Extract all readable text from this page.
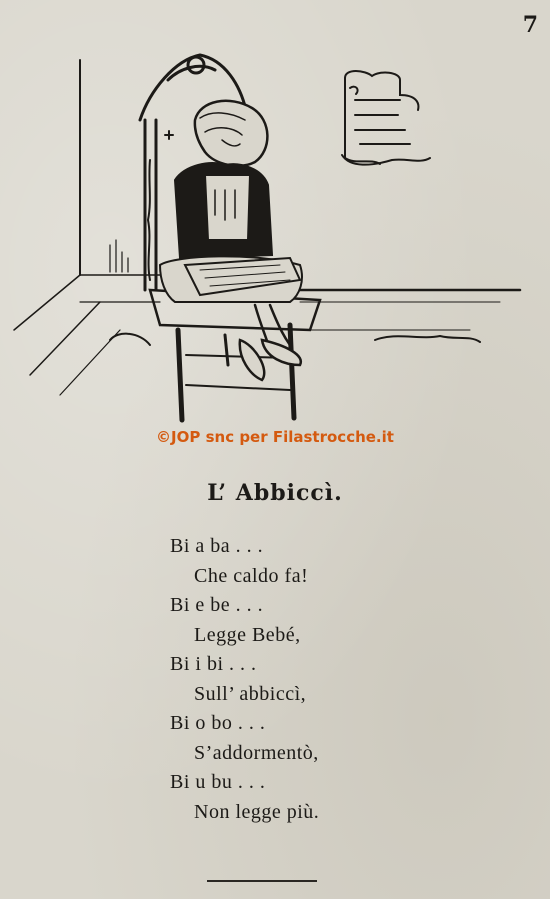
7
©JOP snc per Filastrocche.it
L’ Abbiccì.
Bi a ba . . .
Che caldo fa!
Bi e be . . .
Legge Bebé,
Bi i bi . . .
Sull’ abbiccì,
Bi o bo . . .
S’addormentò,
Bi u bu . . .
Non legge più.
